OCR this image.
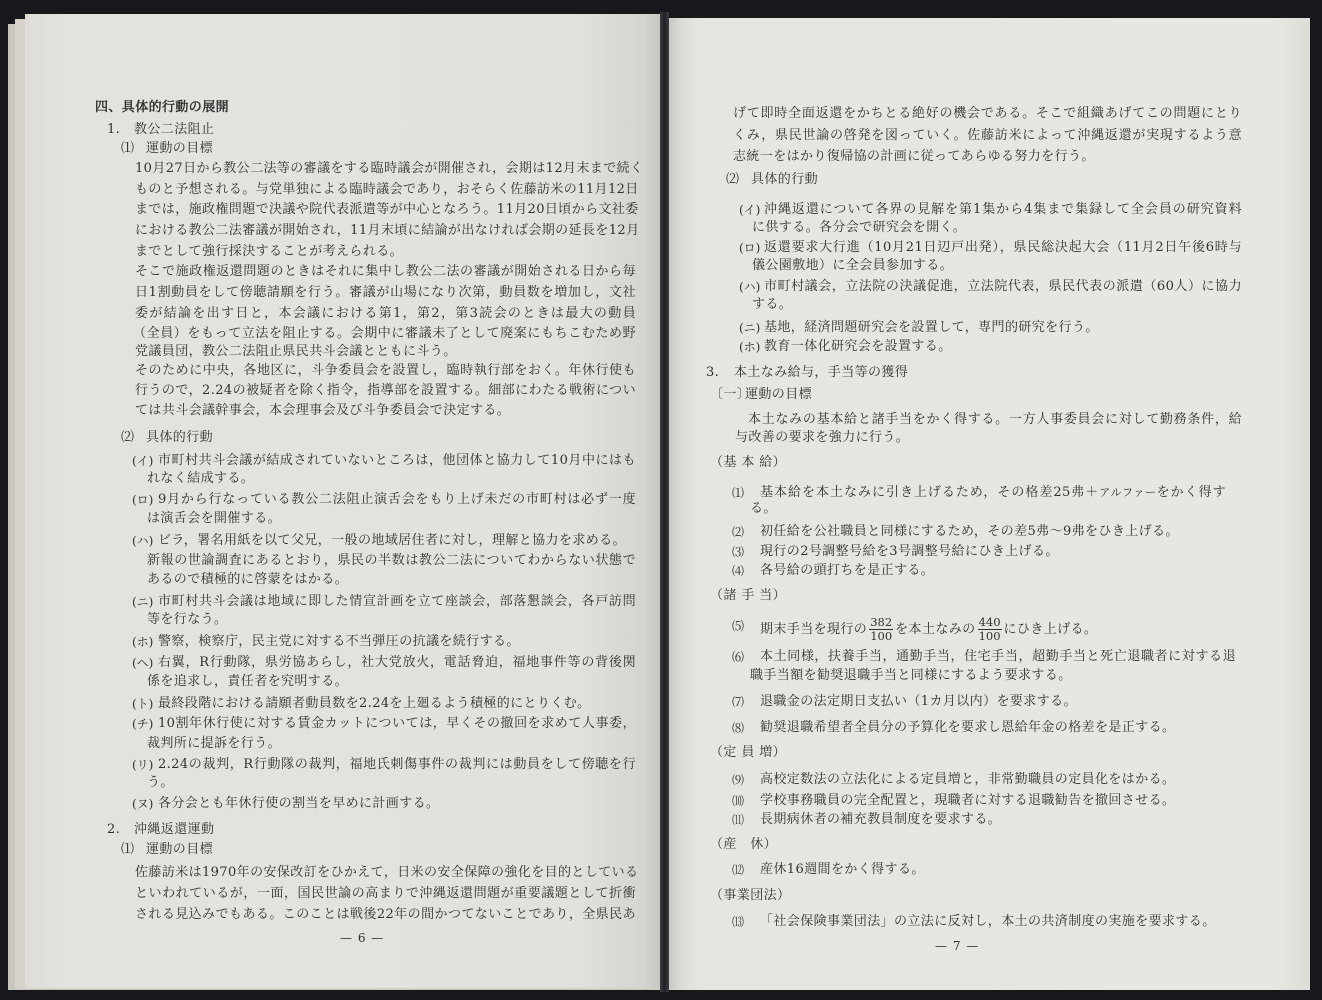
四、具体的行動の展開
1. 教公二法阻止
⑴ 運動の目標
10月27日から教公二法等の審議をする臨時議会が開催され，会期は12月末まで続く
ものと予想される。与党単独による臨時議会であり，おそらく佐藤訪米の11月12日
までは，施政権問題で決議や院代表派遣等が中心となろう。11月20日頃から文社委
における教公二法審議が開始され，11月末頃に結論が出なければ会期の延長を12月
までとして強行採決することが考えられる。
そこで施政権返還問題のときはそれに集中し教公二法の審議が開始される日から毎
日1割動員をして傍聴請願を行う。審議が山場になり次第，動員数を増加し，文社
委が結論を出す日と，本会議における第1，第2，第3読会のときは最大の動員
（全員）をもって立法を阻止する。会期中に審議未了として廃案にもちこむため野
党議員団，教公二法阻止県民共斗会議とともに斗う。
そのために中央，各地区に，斗争委員会を設置し，臨時執行部をおく。年休行使も
行うので，2.24の被疑者を除く指令，指導部を設置する。細部にわたる戦術につい
ては共斗会議幹事会，本会理事会及び斗争委員会で決定する。
⑵ 具体的行動
(イ) 市町村共斗会議が結成されていないところは，他団体と協力して10月中にはも
れなく結成する。
(ロ) 9月から行なっている教公二法阻止演舌会をもり上げ未だの市町村は必ず一度
は演舌会を開催する。
(ハ) ビラ，署名用紙を以て父兄，一般の地域居住者に対し，理解と協力を求める。
新報の世論調査にあるとおり，県民の半数は教公二法についてわからない状態で
あるので積極的に啓蒙をはかる。
(ニ) 市町村共斗会議は地域に即した情宣計画を立て座談会，部落懇談会，各戸訪問
等を行なう。
(ホ) 警察，検察庁，民主党に対する不当弾圧の抗議を続行する。
(ヘ) 右翼，R行動隊，県労協あらし，社大党放火，電話脅迫，福地事件等の背後関
係を追求し，責任者を究明する。
(ト) 最終段階における請願者動員数を2.24を上廻るよう積極的にとりくむ。
(チ) 10割年休行使に対する賃金カットについては，早くその撤回を求めて人事委，
裁判所に提訴を行う。
(リ) 2.24の裁判，R行動隊の裁判，福地氏刺傷事件の裁判には動員をして傍聴を行
う。
(ヌ) 各分会とも年休行使の割当を早めに計画する。
2. 沖縄返還運動
⑴ 運動の目標
佐藤訪米は1970年の安保改訂をひかえて，日米の安全保障の強化を目的としている
といわれているが，一面，国民世論の高まりで沖縄返還問題が重要議題として折衝
される見込みでもある。このことは戦後22年の間かつてないことであり，全県民あ
— 6 —
げて即時全面返還をかちとる絶好の機会である。そこで組織あげてこの問題にとり
くみ，県民世論の啓発を図っていく。佐藤訪米によって沖縄返還が実現するよう意
志統一をはかり復帰協の計画に従ってあらゆる努力を行う。
⑵ 具体的行動
(イ) 沖縄返還について各界の見解を第1集から4集まで集録して全会員の研究資料
に供する。各分会で研究会を開く。
(ロ) 返還要求大行進（10月21日辺戸出発），県民総決起大会（11月2日午後6時与
儀公園敷地）に全会員参加する。
(ハ) 市町村議会，立法院の決議促進，立法院代表，県民代表の派遣（60人）に協力
する。
(ニ) 基地，経済問題研究会を設置して，専門的研究を行う。
(ホ) 教育一体化研究会を設置する。
3. 本土なみ給与，手当等の獲得
〔一〕
運動の目標
本土なみの基本給と諸手当をかく得する。一方人事委員会に対して勤務条件，給
与改善の要求を強力に行う。
（基 本 給）
⑴ 基本給を本土なみに引き上げるため，その格差25弗＋アルファーをかく得す
る。
⑵ 初任給を公社職員と同様にするため，その差5弗～9弗をひき上げる。
⑶ 現行の2号調整号給を3号調整号給にひき上げる。
⑷ 各号給の頭打ちを是正する。
（諸 手 当）
⑸ 期末手当を現行の $\frac{382}{100}$ を本土なみの $\frac{440}{100}$ にひき上げる。
⑹ 本土同様，扶養手当，通勤手当，住宅手当，超勤手当と死亡退職者に対する退
職手当額を勧奨退職手当と同様にするよう要求する。
⑺ 退職金の法定期日支払い（1カ月以内）を要求する。
⑻ 勧奨退職希望者全員分の予算化を要求し恩給年金の格差を是正する。
（定 員 増）
⑼ 高校定数法の立法化による定員増と，非常勤職員の定員化をはかる。
⑽ 学校事務職員の完全配置と，現職者に対する退職勧告を撤回させる。
⑾ 長期病休者の補充教員制度を要求する。
（産　休）
⑿ 産休16週間をかく得する。
（事業団法）
⒀ 「社会保険事業団法」の立法に反対し，本土の共済制度の実施を要求する。
— 7 —
